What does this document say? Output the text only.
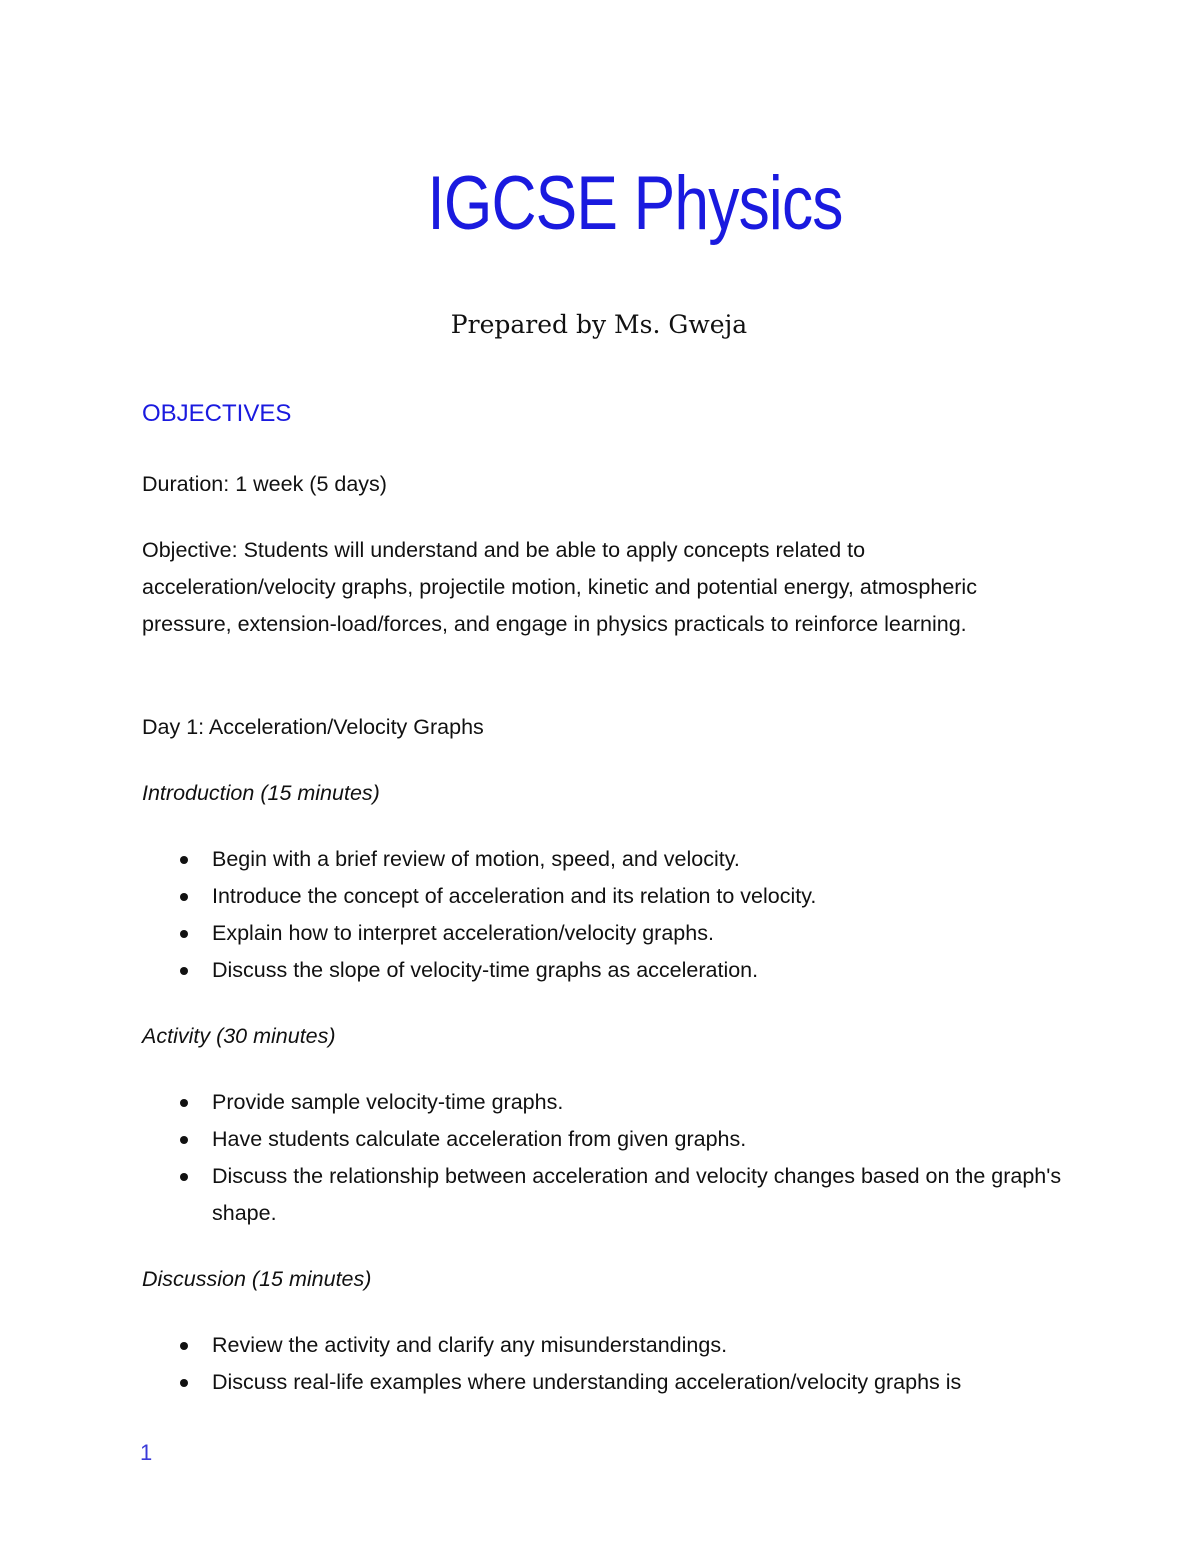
IGCSE Physics

Prepared by Ms. Gweja

OBJECTIVES

Duration: 1 week (5 days)

Objective: Students will understand and be able to apply concepts related to acceleration/velocity graphs, projectile motion, kinetic and potential energy, atmospheric pressure, extension-load/forces, and engage in physics practicals to reinforce learning.

Day 1: Acceleration/Velocity Graphs

Introduction (15 minutes)

Begin with a brief review of motion, speed, and velocity.
Introduce the concept of acceleration and its relation to velocity.
Explain how to interpret acceleration/velocity graphs.
Discuss the slope of velocity-time graphs as acceleration.

Activity (30 minutes)

Provide sample velocity-time graphs.
Have students calculate acceleration from given graphs.
Discuss the relationship between acceleration and velocity changes based on the graph's shape.

Discussion (15 minutes)

Review the activity and clarify any misunderstandings.
Discuss real-life examples where understanding acceleration/velocity graphs is

1
